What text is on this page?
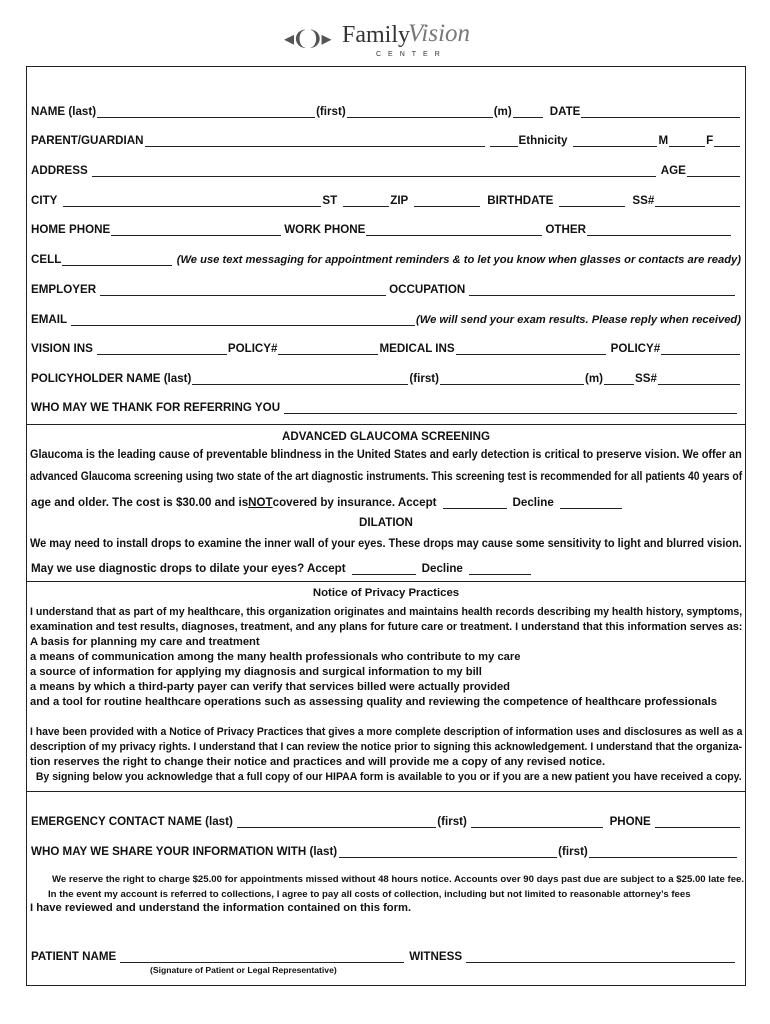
◂❨❩▸ Family
Vision
CENTER
NAME (last)	(first)	(m)	DATE
PARENT/GUARDIAN	Ethnicity	M	F
ADDRESS	AGE
CITY	ST	ZIP	BIRTHDATE	SS#
HOME PHONE	WORK PHONE	OTHER
CELL	(We use text messaging for appointment reminders & to let you know when glasses or contacts are ready)
EMPLOYER	OCCUPATION
EMAIL	(We will send your exam results. Please reply when received)
VISION INS	POLICY#	MEDICAL INS	POLICY#
POLICYHOLDER NAME (last)	(first)	(m)	SS#
WHO MAY WE THANK FOR REFERRING YOU
ADVANCED GLAUCOMA SCREENING
Glaucoma is the leading cause of preventable blindness in the United States and early detection is critical to preserve vision. We offer an
advanced Glaucoma screening using two state of the art diagnostic instruments. This screening test is recommended for all patients 40 years of
age and older. The cost is $30.00 and is NOT covered by insurance. Accept	Decline
DILATION
We may need to install drops to examine the inner wall of your eyes. These drops may cause some sensitivity to light and blurred vision.
May we use diagnostic drops to dilate your eyes? Accept	Decline
Notice of Privacy Practices
I understand that as part of my healthcare, this organization originates and maintains health records describing my health history, symptoms,
examination and test results, diagnoses, treatment, and any plans for future care or treatment. I understand that this information serves as:
A basis for planning my care and treatment
a means of communication among the many health professionals who contribute to my care
a source of information for applying my diagnosis and surgical information to my bill
a means by which a third-party payer can verify that services billed were actually provided
and a tool for routine healthcare operations such as assessing quality and reviewing the competence of healthcare professionals
I have been provided with a Notice of Privacy Practices that gives a more complete description of information uses and disclosures as well as a
description of my privacy rights. I understand that I can review the notice prior to signing this acknowledgement. I understand that the organiza-
tion reserves the right to change their notice and practices and will provide me a copy of any revised notice.
By signing below you acknowledge that a full copy of our HIPAA form is available to you or if you are a new patient you have received a copy.
EMERGENCY CONTACT NAME (last)	(first)	PHONE
WHO MAY WE SHARE YOUR INFORMATION WITH (last)	(first)
We reserve the right to charge $25.00 for appointments missed without 48 hours notice. Accounts over 90 days past due are subject to a $25.00 late fee.
In the event my account is referred to collections, I agree to pay all costs of collection, including but not limited to reasonable attorney’s fees
I have reviewed and understand the information contained on this form.
PATIENT NAME	WITNESS
(Signature of Patient or Legal Representative)
